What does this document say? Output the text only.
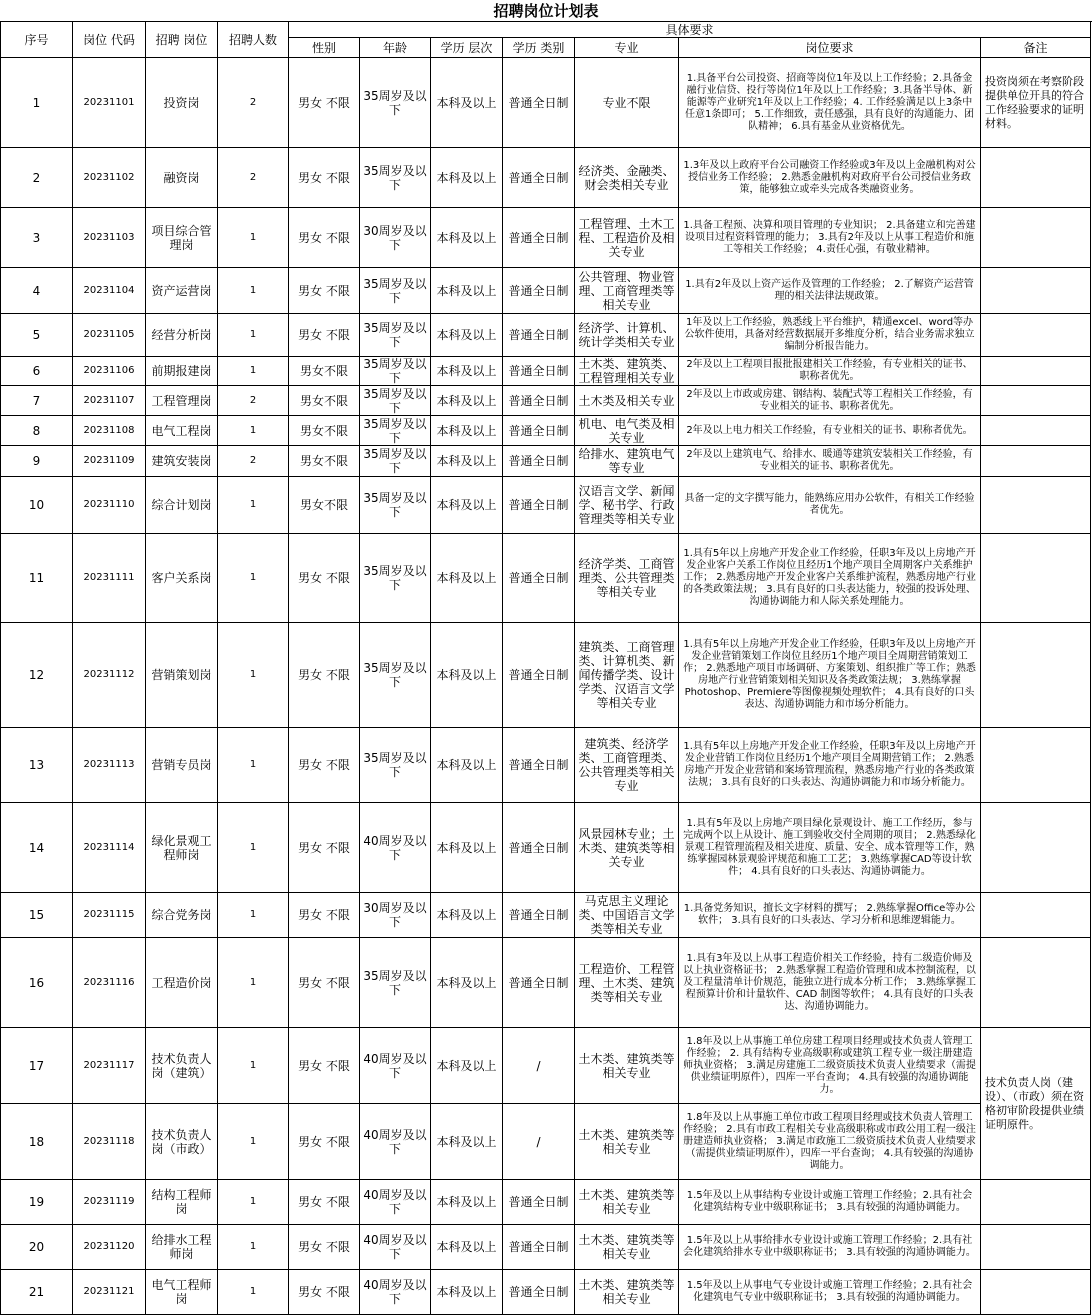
招聘岗位计划表
序号	岗位 代码	招聘 岗位	招聘人数	具体要求						
				性别	年龄	学历 层次	学历 类别	专业	岗位要求	备注
1	20231101	投资岗	2	男女 不限	35周岁及以下	本科及以上	普通全日制	专业不限	1.具备平台公司投资、招商等岗位1年及以上工作经验；2.具备金融行业信贷、投行等岗位1年及以上工作经验；3.具备半导体、新能源等产业研究1年及以上工作经验；4. 工作经验满足以上3条中任意1条即可； 5.工作细致，责任感强，具有良好的沟通能力、团队精神； 6.具有基金从业资格优先。	投资岗须在考察阶段提供单位开具的符合工作经验要求的证明材料。
2	20231102	融资岗	2	男女 不限	35周岁及以下	本科及以上	普通全日制	经济类、金融类、财会类相关专业	1.3年及以上政府平台公司融资工作经验或3年及以上金融机构对公授信业务工作经验； 2.熟悉金融机构对政府平台公司授信业务政策，能够独立或牵头完成各类融资业务。	
3	20231103	项目综合管理岗	1	男女 不限	30周岁及以下	本科及以上	普通全日制	工程管理、土木工程、工程造价及相关专业	1.具备工程预、决算和项目管理的专业知识； 2.具备建立和完善建设项目过程资料管理的能力； 3.具有2年及以上从事工程造价和施工等相关工作经验； 4.责任心强，有敬业精神。	
4	20231104	资产运营岗	1	男女 不限	35周岁及以下	本科及以上	普通全日制	公共管理、物业管理、工商管理类等相关专业	1.具有2年及以上资产运作及管理的工作经验； 2.了解资产运营管理的相关法律法规政策。	
5	20231105	经营分析岗	1	男女 不限	35周岁及以下	本科及以上	普通全日制	经济学、计算机、统计学类相关专业	1年及以上工作经验，熟悉线上平台维护，精通excel、word等办公软件使用，具备对经营数据展开多维度分析，结合业务需求独立编制分析报告能力。	
6	20231106	前期报建岗	1	男女不限	35周岁及以下	本科及以上	普通全日制	土木类、建筑类、工程管理相关专业	2年及以上工程项目报批报建相关工作经验，有专业相关的证书、职称者优先。	
7	20231107	工程管理岗	2	男女不限	35周岁及以下	本科及以上	普通全日制	土木类及相关专业	2年及以上市政或房建、钢结构、装配式等工程相关工作经验，有专业相关的证书、职称者优先。	
8	20231108	电气工程岗	1	男女不限	35周岁及以下	本科及以上	普通全日制	机电、电气类及相关专业	2年及以上电力相关工作经验，有专业相关的证书、职称者优先。	
9	20231109	建筑安装岗	2	男女不限	35周岁及以下	本科及以上	普通全日制	给排水、建筑电气等专业	2年及以上建筑电气、给排水、暖通等建筑安装相关工作经验，有专业相关的证书、职称者优先。	
10	20231110	综合计划岗	1	男女不限	35周岁及以下	本科及以上	普通全日制	汉语言文学、新闻学、秘书学、行政管理类等相关专业	具备一定的文字撰写能力，能熟练应用办公软件，有相关工作经验者优先。	
11	20231111	客户关系岗	1	男女 不限	35周岁及以下	本科及以上	普通全日制	经济学类、工商管理类、公共管理类等相关专业	1.具有5年以上房地产开发企业工作经验，任职3年及以上房地产开发企业客户关系工作岗位且经历1个地产项目全周期客户关系维护工作； 2.熟悉房地产开发企业客户关系维护流程，熟悉房地产行业的各类政策法规； 3.具有良好的口头表达能力，较强的投诉处理、沟通协调能力和人际关系处理能力。	
12	20231112	营销策划岗	1	男女 不限	35周岁及以下	本科及以上	普通全日制	建筑类、工商管理类、计算机类、新闻传播学类、设计学类、汉语言文学等相关专业	1.具有5年以上房地产开发企业工作经验，任职3年及以上房地产开发企业营销策划工作岗位且经历1个地产项目全周期营销策划工作； 2.熟悉地产项目市场调研、方案策划、组织推广等工作；熟悉房地产行业营销策划相关知识及各类政策法规； 3.熟练掌握Photoshop、Premiere等图像视频处理软件； 4.具有良好的口头表达、沟通协调能力和市场分析能力。	
13	20231113	营销专员岗	1	男女 不限	35周岁及以下	本科及以上	普通全日制	建筑类、经济学类、工商管理类、公共管理类等相关专业	1.具有5年以上房地产开发企业工作经验，任职3年及以上房地产开发企业营销工作岗位且经历1个地产项目全周期营销工作； 2.熟悉房地产开发企业营销和案场管理流程，熟悉房地产行业的各类政策法规； 3.具有良好的口头表达、沟通协调能力和市场分析能力。	
14	20231114	绿化景观工程师岗	1	男女 不限	40周岁及以下	本科及以上	普通全日制	风景园林专业；土木类、建筑类等相关专业	1.具有5年及以上房地产项目绿化景观设计、施工工作经历，参与完成两个以上从设计、施工到验收交付全周期的项目； 2.熟悉绿化景观工程管理流程及相关进度、质量、安全、成本管理等工作，熟练掌握园林景观验评规范和施工工艺； 3.熟练掌握CAD等设计软件； 4.具有良好的口头表达、沟通协调能力。	
15	20231115	综合党务岗	1	男女 不限	30周岁及以下	本科及以上	普通全日制	马克思主义理论类、中国语言文学类等相关专业	1.具备党务知识，擅长文字材料的撰写； 2.熟练掌握Office等办公软件； 3.具有良好的口头表达、学习分析和思维逻辑能力。	
16	20231116	工程造价岗	1	男女 不限	35周岁及以下	本科及以上	普通全日制	工程造价、工程管理、土木类、建筑类等相关专业	1.具有3年及以上从事工程造价相关工作经验，持有二级造价师及以上执业资格证书； 2.熟悉掌握工程造价管理和成本控制流程，以及工程量清单计价规范，能独立进行成本分析工作； 3.熟练掌握工程预算计价和计量软件、CAD 制图等软件； 4.具有良好的口头表达、沟通协调能力。	
17	20231117	技术负责人岗（建筑）	1	男女 不限	40周岁及以下	本科及以上	/	土木类、建筑类等相关专业	1.8年及以上从事施工单位房建工程项目经理或技术负责人管理工作经验； 2. 具有结构专业高级职称或建筑工程专业一级注册建造师执业资格； 3.满足房建施工二级资质技术负责人业绩要求（需提供业绩证明原件），四库一平台查询； 4.具有较强的沟通协调能力。	技术负责人岗（建设）、（市政）须在资格初审阶段提供业绩证明原件。
18	20231118	技术负责人岗（市政）	1	男女 不限	40周岁及以下	本科及以上	/	土木类、建筑类等相关专业	1.8年及以上从事施工单位市政工程项目经理或技术负责人管理工作经验； 2.具有市政工程相关专业高级职称或市政公用工程一级注册建造师执业资格； 3.满足市政施工二级资质技术负责人业绩要求（需提供业绩证明原件），四库一平台查询； 4.具有较强的沟通协调能力。	
19	20231119	结构工程师岗	1	男女 不限	40周岁及以下	本科及以上	普通全日制	土木类、建筑类等相关专业	1.5年及以上从事结构专业设计或施工管理工作经验；2.具有社会化建筑结构专业中级职称证书； 3.具有较强的沟通协调能力。	
20	20231120	给排水工程师岗	1	男女 不限	40周岁及以下	本科及以上	普通全日制	土木类、建筑类等相关专业	1.5年及以上从事给排水专业设计或施工管理工作经验；2.具有社会化建筑给排水专业中级职称证书； 3.具有较强的沟通协调能力。	
21	20231121	电气工程师岗	1	男女 不限	40周岁及以下	本科及以上	普通全日制	土木类、建筑类等相关专业	1.5年及以上从事电气专业设计或施工管理工作经验；2.具有社会化建筑电气专业中级职称证书； 3.具有较强的沟通协调能力。	
